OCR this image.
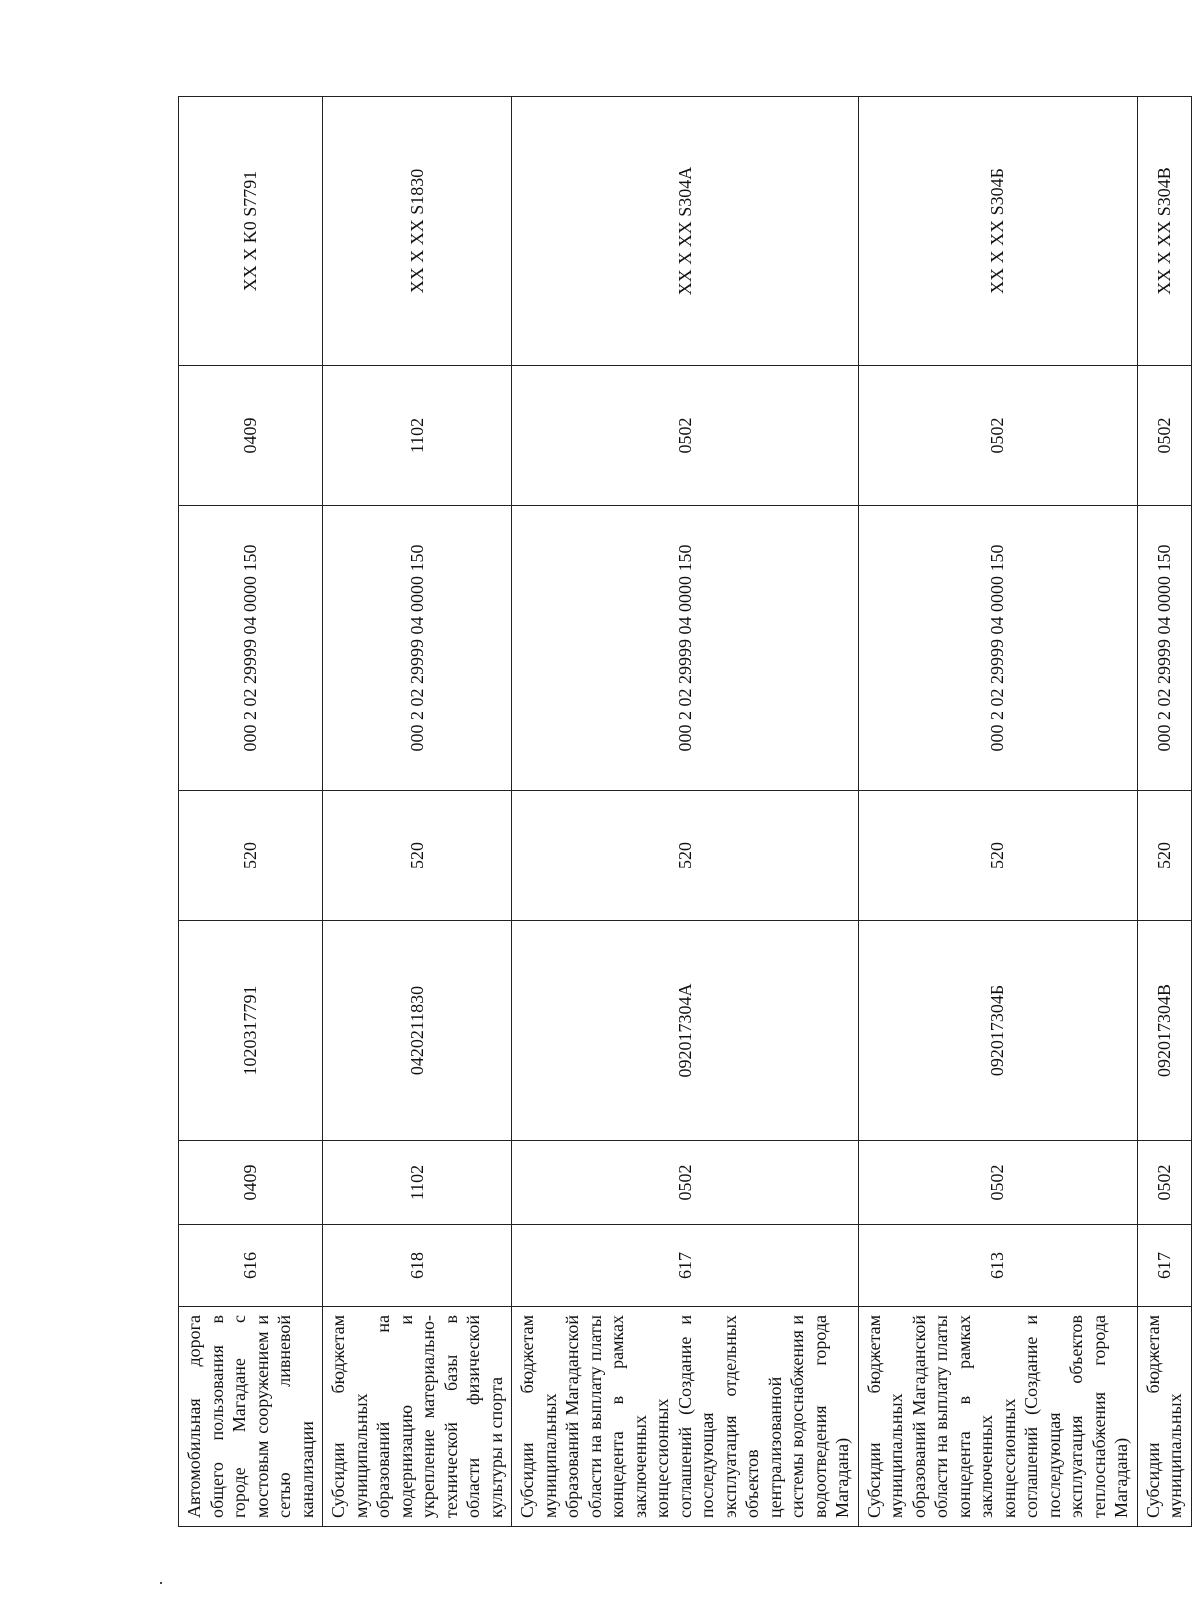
Автомобильная дорога общего пользования в городе Магадане с мостовым сооружением и сетью ливневой канализации	616	0409	1020317791	520	000 2 02 29999 04 0000 150	0409	XX X K0 S7791
Субсидии бюджетам муниципальных образований на модернизацию и укрепление материально-технической базы в области физической культуры и спорта	618	1102	0420211830	520	000 2 02 29999 04 0000 150	1102	XX X XX S1830
Субсидии бюджетам муниципальных образований Магаданской области на выплату платы концедента в рамках заключенных концессионных соглашений (Создание и последующая эксплуатация отдельных объектов централизованной системы водоснабжения и водоотведения города Магадана)	617	0502	092017304А	520	000 2 02 29999 04 0000 150	0502	XX X XX S304A
Субсидии бюджетам муниципальных образований Магаданской области на выплату платы концедента в рамках заключенных концессионных соглашений (Создание и последующая эксплуатация объектов теплоснабжения города Магадана)	613	0502	092017304Б	520	000 2 02 29999 04 0000 150	0502	XX X XX S304Б
Субсидии бюджетам муниципальных	617	0502	092017304В	520	000 2 02 29999 04 0000 150	0502	XX X XX S304В
